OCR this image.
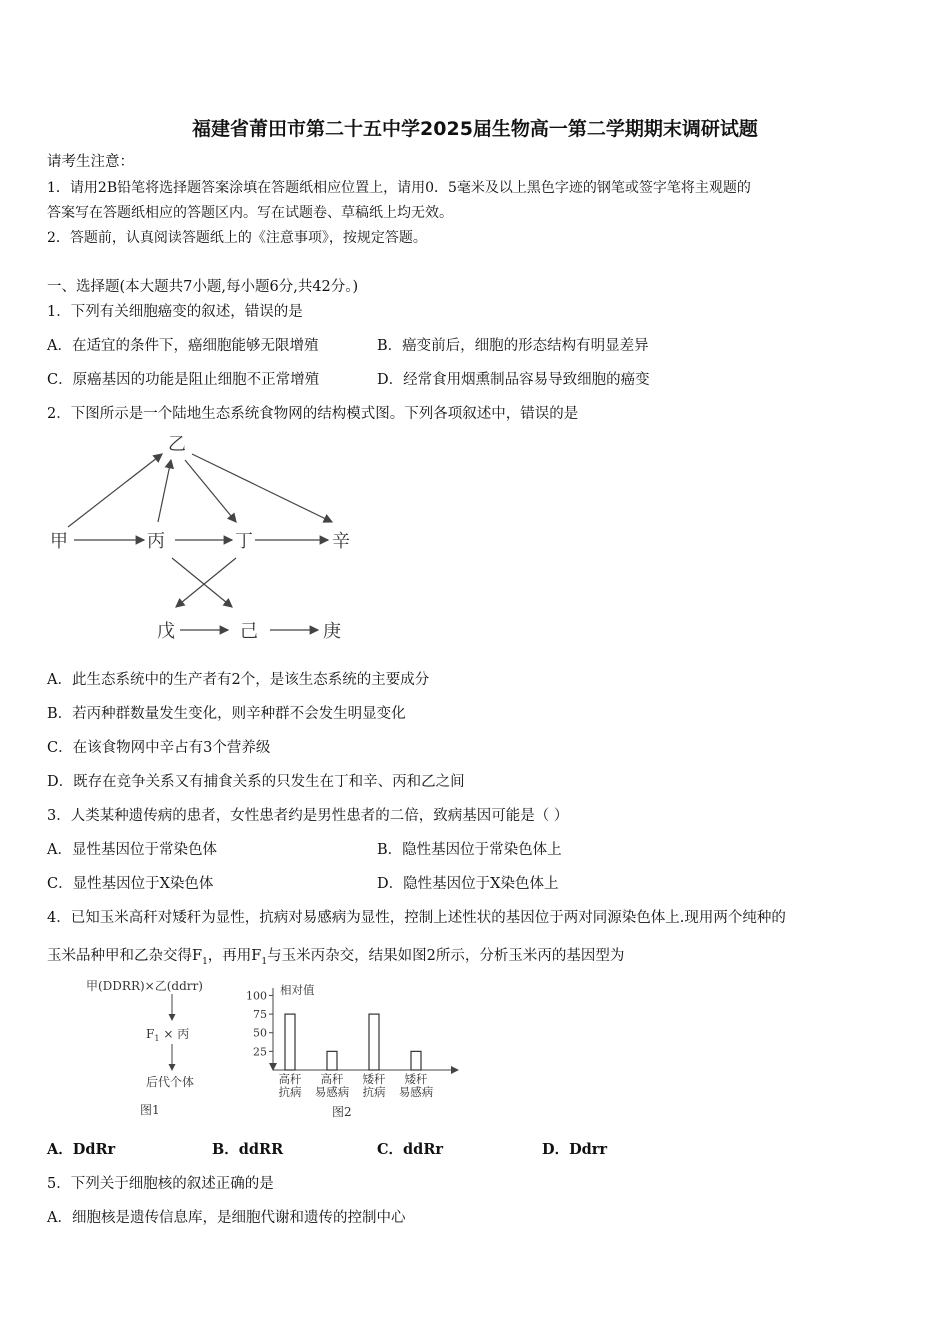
福建省莆田市第二十五中学2025届生物高一第二学期期末调研试题
请考生注意：
1．请用2B铅笔将选择题答案涂填在答题纸相应位置上，请用0．5毫米及以上黑色字迹的钢笔或签字笔将主观题的
答案写在答题纸相应的答题区内。写在试题卷、草稿纸上均无效。
2．答题前，认真阅读答题纸上的《注意事项》，按规定答题。
一、选择题(本大题共7小题,每小题6分,共42分。)
1．下列有关细胞癌变的叙述，错误的是
A．在适宜的条件下，癌细胞能够无限增殖	B．癌变前后，细胞的形态结构有明显差异
C．原癌基因的功能是阻止细胞不正常增殖	D．经常食用烟熏制品容易导致细胞的癌变
2．下图所示是一个陆地生态系统食物网的结构模式图。下列各项叙述中，错误的是
乙
甲	丙	丁	辛
戊	己	庚
A．此生态系统中的生产者有2个，是该生态系统的主要成分
B．若丙种群数量发生变化，则辛种群不会发生明显变化
C．在该食物网中辛占有3个营养级
D．既存在竞争关系又有捕食关系的只发生在丁和辛、丙和乙之间
3．人类某种遗传病的患者，女性患者约是男性患者的二倍，致病基因可能是（ ）
A．显性基因位于常染色体	B．隐性基因位于常染色体上
C．显性基因位于X染色体	D．隐性基因位于X染色体上
4．已知玉米高秆对矮秆为显性，抗病对易感病为显性，控制上述性状的基因位于两对同源染色体上.现用两个纯种的
玉米品种甲和乙杂交得$F_1$，再用$F_1$与玉米丙杂交，结果如图2所示，分析玉米丙的基因型为
甲(DDRR)×乙(ddrr)
$F_1$ × 丙
后代个体
图1
相对值
25
50
75
100
高秆
抗病
高秆
易感病
矮秆
抗病
矮秆
易感病
图2
A．DdRr	B．ddRR	C．ddRr	D．Ddrr
5．下列关于细胞核的叙述正确的是
A．细胞核是遗传信息库，是细胞代谢和遗传的控制中心
